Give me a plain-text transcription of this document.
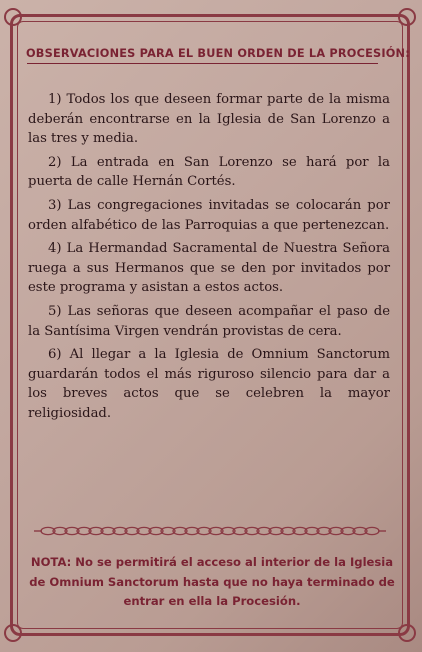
OBSERVACIONES PARA EL BUEN ORDEN DE LA PROCESIÓN:

1) Todos los que deseen formar parte de la misma deberán encontrarse en la Iglesia de San Lorenzo a las tres y media.

2) La entrada en San Lorenzo se hará por la puerta de calle Hernán Cortés.

3) Las congregaciones invitadas se colocarán por orden alfabético de las Parroquias a que pertenezcan.

4) La Hermandad Sacramental de Nuestra Señora ruega a sus Hermanos que se den por invitados por este programa y asistan a estos actos.

5) Las señoras que deseen acompañar el paso de la Santísima Virgen vendrán provistas de cera.

6) Al llegar a la Iglesia de Omnium Sanctorum guardarán todos el más riguroso silencio para dar a los breves actos que se celebren la mayor religiosidad.

NOTA: No se permitirá el acceso al interior de la Iglesia de Omnium Sanctorum hasta que no haya terminado de entrar en ella la Procesión.
